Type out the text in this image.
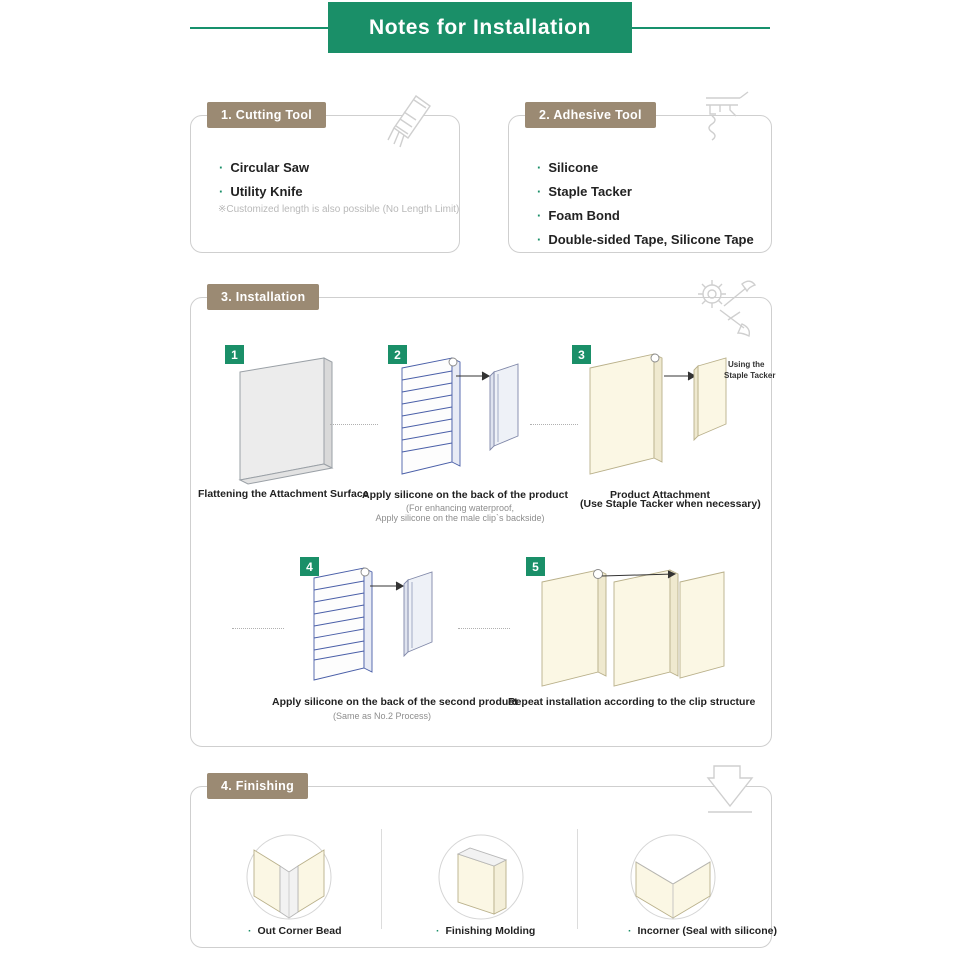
Notes for Installation
1. Cutting Tool
· Circular Saw
· Utility Knife
※Customized length is also possible (No Length Limit)
2. Adhesive Tool
· Silicone
· Staple Tacker
· Foam Bond
· Double-sided Tape, Silicone Tape
3. Installation
1
Flattening the Attachment Surface
2
Apply silicone on the back of the product
(For enhancing waterproof,
Apply silicone on the male clip`s backside)
3
Using the
Staple Tacker
Product Attachment
(Use Staple Tacker when necessary)
4
Apply silicone on the back of the second product
(Same as No.2 Process)
5
Repeat installation according to the clip structure
4. Finishing
· Out Corner Bead	· Finishing Molding	· Incorner (Seal with silicone)
